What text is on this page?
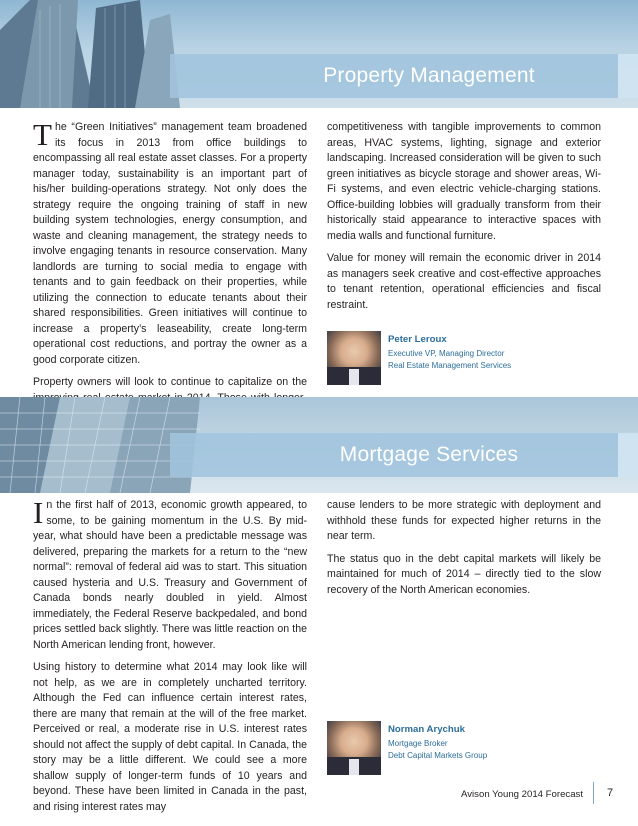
Property Management

The “Green Initiatives” management team broadened its focus in 2013 from office buildings to encompassing all real estate asset classes. For a property manager today, sustainability is an important part of his/her building-operations strategy. Not only does the strategy require the ongoing training of staff in new building system technologies, energy consumption, and waste and cleaning management, the strategy needs to involve engaging tenants in resource conservation. Many landlords are turning to social media to engage with tenants and to gain feedback on their properties, while utilizing the connection to educate tenants about their shared responsibilities. Green initiatives will continue to increase a property’s leaseability, create long-term operational cost reductions, and portray the owner as a good corporate citizen.

Property owners will look to continue to capitalize on the

competitiveness with tangible improvements to common areas, HVAC systems, lighting, signage and exterior landscaping. Increased consideration will be given to such green initiatives as bicycle storage and shower areas, Wi-Fi systems, and even electric vehicle-charging stations. Office-building lobbies will gradually transform from their historically staid appearance to interactive spaces with media walls and functional furniture.

Value for money will remain the economic driver in 2014 as managers seek creative and cost-effective approaches to tenant retention, operational efficiencies and fiscal restraint.

Peter Leroux
Executive VP, Managing Director
Real Estate Management Services
Mortgage Services

In the first half of 2013, economic growth appeared, to some, to be gaining momentum in the U.S. By mid-year, what should have been a predictable message was delivered, preparing the markets for a return to the “new normal”: removal of federal aid was to start. This situation caused hysteria and U.S. Treasury and Government of Canada bonds nearly doubled in yield. Almost immediately, the Federal Reserve backpedaled, and bond prices settled back slightly. There was little reaction on the North American lending front, however.

Using history to determine what 2014 may look like will not help, as we are in completely uncharted territory. Although the Fed can influence certain interest rates, there are many that remain at the will of the free market. Perceived or real, a moderate rise in U.S. interest rates should not affect the supply of debt capital. In Canada, the story may be a little different. We could see a more shallow supply of longer-term funds of 10 years and beyond. These have been limited in Canada in the past, and rising interest rates may

cause lenders to be more strategic with deployment and withhold these funds for expected higher returns in the near term.

The status quo in the debt capital markets will likely be maintained for much of 2014 – directly tied to the slow recovery of the North American economies.

Norman Arychuk
Mortgage Broker
Debt Capital Markets Group
Avison Young 2014 Forecast 7
